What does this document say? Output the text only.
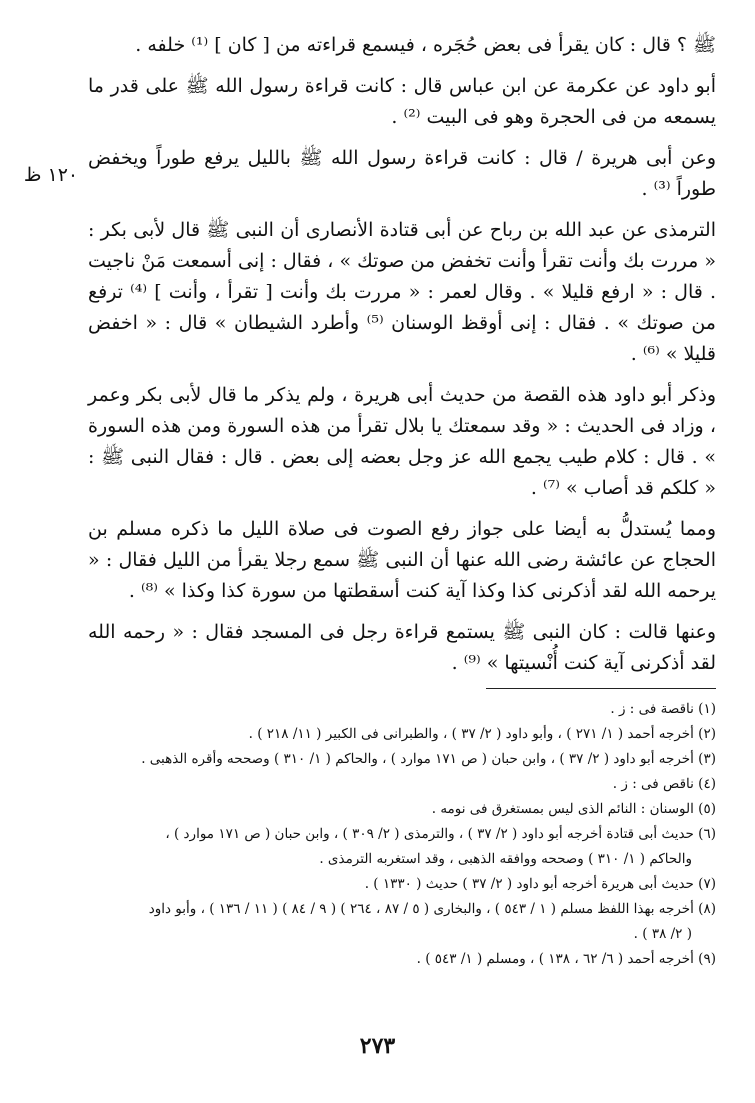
ﷺ ؟ قال : كان يقرأ فى بعض حُجَره ، فيسمع قراءته من [ كان ] ⁽¹⁾ خلفه .

أبو داود عن عكرمة عن ابن عباس قال : كانت قراءة رسول الله ﷺ على قدر ما يسمعه من فى الحجرة وهو فى البيت ⁽²⁾ .

وعن أبى هريرة / قال : كانت قراءة رسول الله ﷺ بالليل يرفع طوراً ويخفض طوراً ⁽³⁾ .

الترمذى عن عبد الله بن رباح عن أبى قتادة الأنصارى أن النبى ﷺ قال لأبى بكر : « مررت بك وأنت تقرأ وأنت تخفض من صوتك » ، فقال : إنى أسمعت مَنْ ناجيت . قال : « ارفع قليلا » . وقال لعمر : « مررت بك وأنت [ تقرأ ، وأنت ] ⁽⁴⁾ ترفع من صوتك » . فقال : إنى أوقظ الوسنان ⁽⁵⁾ وأطرد الشيطان » قال : « اخفض قليلا » ⁽⁶⁾ .

وذكر أبو داود هذه القصة من حديث أبى هريرة ، ولم يذكر ما قال لأبى بكر وعمر ، وزاد فى الحديث : « وقد سمعتك يا بلال تقرأ من هذه السورة ومن هذه السورة » . قال : كلام طيب يجمع الله عز وجل بعضه إلى بعض . قال : فقال النبى ﷺ : « كلكم قد أصاب » ⁽⁷⁾ .

ومما يُستدلُّ به أيضا على جواز رفع الصوت فى صلاة الليل ما ذكره مسلم بن الحجاج عن عائشة رضى الله عنها أن النبى ﷺ سمع رجلا يقرأ من الليل فقال : « يرحمه الله لقد أذكرنى كذا وكذا آية كنت أسقطتها من سورة كذا وكذا » ⁽⁸⁾ .

وعنها قالت : كان النبى ﷺ يستمع قراءة رجل فى المسجد فقال : « رحمه الله لقد أذكرنى آية كنت أُنْسيتها » ⁽⁹⁾ .

١٢٠ ظ

(١) ناقصة فى : ز .

(٢) أخرجه أحمد ( ١/ ٢٧١ ) ، وأبو داود ( ٢/ ٣٧ ) ، والطبرانى فى الكبير ( ١١/ ٢١٨ ) .

(٣) أخرجه أبو داود ( ٢/ ٣٧ ) ، وابن حبان ( ص ١٧١ موارد ) ، والحاكم ( ١/ ٣١٠ ) وصححه وأقره الذهبى .

(٤) ناقص فى : ز .

(٥) الوسنان : النائم الذى ليس بمستغرق فى نومه .

(٦) حديث أبى قتادة أخرجه أبو داود ( ٢/ ٣٧ ) ، والترمذى ( ٢/ ٣٠٩ ) ، وابن حبان ( ص ١٧١ موارد ) ،

والحاكم ( ١/ ٣١٠ ) وصححه ووافقه الذهبى ، وقد استغربه الترمذى .

(٧) حديث أبى هريرة أخرجه أبو داود ( ٢/ ٣٧ ) حديث ( ١٣٣٠ ) .

(٨) أخرجه بهذا اللفظ مسلم ( ١ / ٥٤٣ ) ، والبخارى ( ٥ / ٨٧ ، ٢٦٤ ) ( ٩ / ٨٤ ) ( ١١ / ١٣٦ ) ، وأبو داود

( ٢/ ٣٨ ) .

(٩) أخرجه أحمد ( ٦/ ٦٢ ، ١٣٨ ) ، ومسلم ( ١/ ٥٤٣ ) .

٢٧٣
